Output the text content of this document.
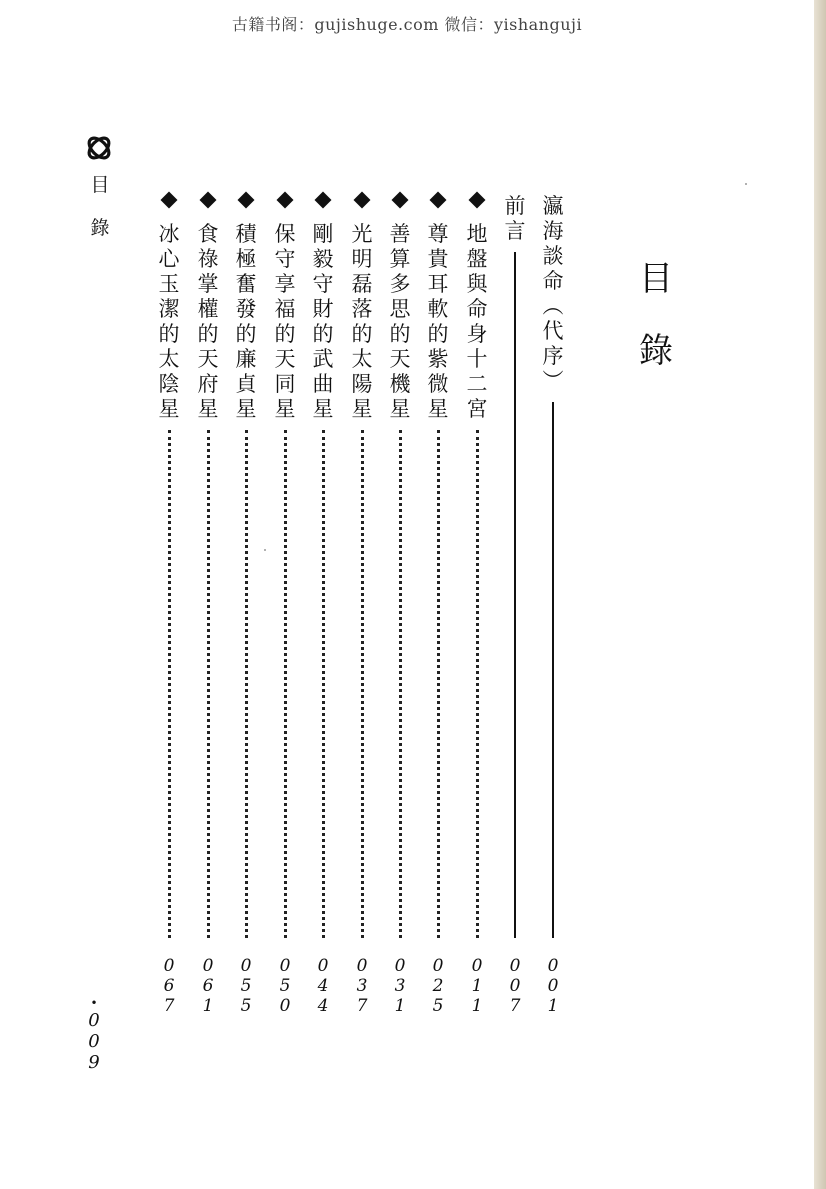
古籍书阁：gujishuge.com 微信：yishanguji
目
錄
目
錄
瀛
海
談
命
︵
代
序
︶
0
0
1
前
言
0
0
7
地
盤
與
命
身
十
二
宮
0
1
1
尊
貴
耳
軟
的
紫
微
星
0
2
5
善
算
多
思
的
天
機
星
0
3
1
光
明
磊
落
的
太
陽
星
0
3
7
剛
毅
守
財
的
武
曲
星
0
4
4
保
守
享
福
的
天
同
星
0
5
0
積
極
奮
發
的
廉
貞
星
0
5
5
食
祿
掌
權
的
天
府
星
0
6
1
冰
心
玉
潔
的
太
陰
星
0
6
7
•
0
0
9
